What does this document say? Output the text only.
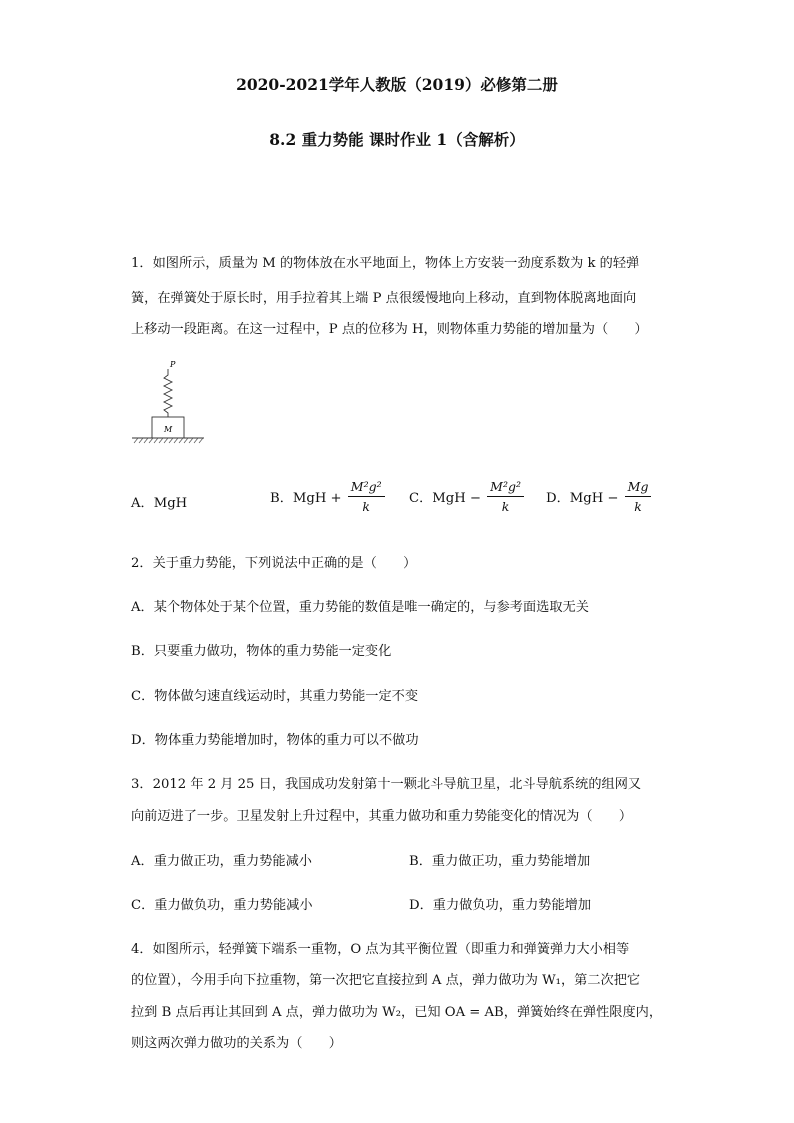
2020-2021学年人教版（2019）必修第二册
8.2 重力势能 课时作业 1（含解析）
1．如图所示，质量为 M 的物体放在水平地面上，物体上方安装一劲度系数为 k 的轻弹
簧，在弹簧处于原长时，用手拉着其上端 P 点很缓慢地向上移动，直到物体脱离地面向
上移动一段距离。在这一过程中，P 点的位移为 H，则物体重力势能的增加量为（　　）
P
M
A．MgH	B．MgH + $\frac{\text{M²g²}}{k}$ C．MgH − $\frac{\text{M²g²}}{k}$ D．MgH − $\frac{Mg}{k}$
2．关于重力势能，下列说法中正确的是（　　）
A．某个物体处于某个位置，重力势能的数值是唯一确定的，与参考面选取无关
B．只要重力做功，物体的重力势能一定变化
C．物体做匀速直线运动时，其重力势能一定不变
D．物体重力势能增加时，物体的重力可以不做功
3．2012 年 2 月 25 日，我国成功发射第十一颗北斗导航卫星，北斗导航系统的组网又
向前迈进了一步。卫星发射上升过程中，其重力做功和重力势能变化的情况为（　　）
A．重力做正功，重力势能减小	B．重力做正功，重力势能增加
C．重力做负功，重力势能减小	D．重力做负功，重力势能增加
4．如图所示，轻弹簧下端系一重物，O 点为其平衡位置（即重力和弹簧弹力大小相等
的位置），今用手向下拉重物，第一次把它直接拉到 A 点，弹力做功为 W₁，第二次把它
拉到 B 点后再让其回到 A 点，弹力做功为 W₂，已知 OA = AB，弹簧始终在弹性限度内，
则这两次弹力做功的关系为（　　）
